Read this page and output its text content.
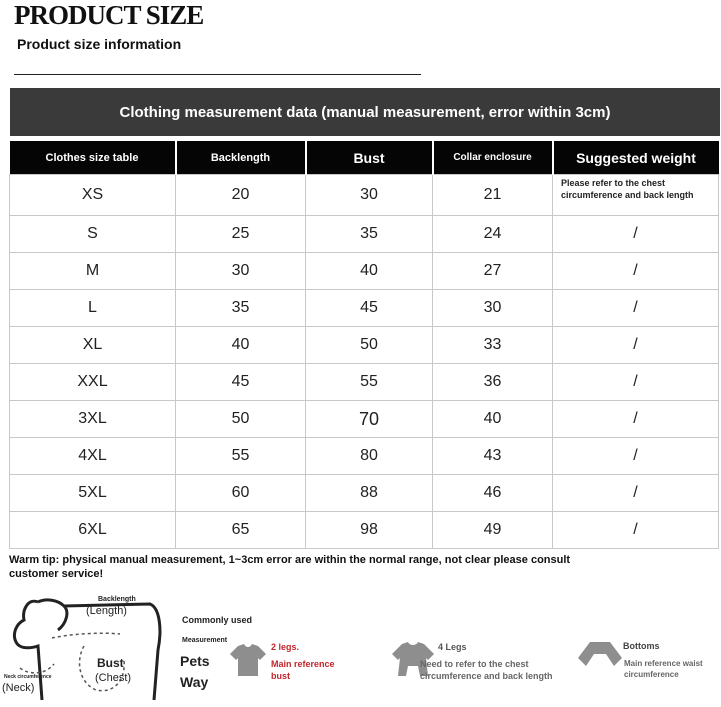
PRODUCT SIZE
Product size information
Clothing measurement data (manual measurement, error within 3cm)
Clothes size table	Backlength	Bust	Collar enclosure	Suggested weight
XS	20	30	21	Please refer to the chest circumference and back length
S	25	35	24	/
M	30	40	27	/
L	35	45	30	/
XL	40	50	33	/
XXL	45	55	36	/
3XL	50	70	40	/
4XL	55	80	43	/
5XL	60	88	46	/
6XL	65	98	49	/
Warm tip: physical manual measurement, 1~3cm error are within the normal range, not clear please consult customer service!
Backlength
(Length)
Bust
(Chest)
Neck circumference
(Neck)
Commonly used
Measurement
Pets
Way
2 legs.
Main reference bust
4 Legs
Need to refer to the chest circumference and back length
Bottoms
Main reference waist circumference
